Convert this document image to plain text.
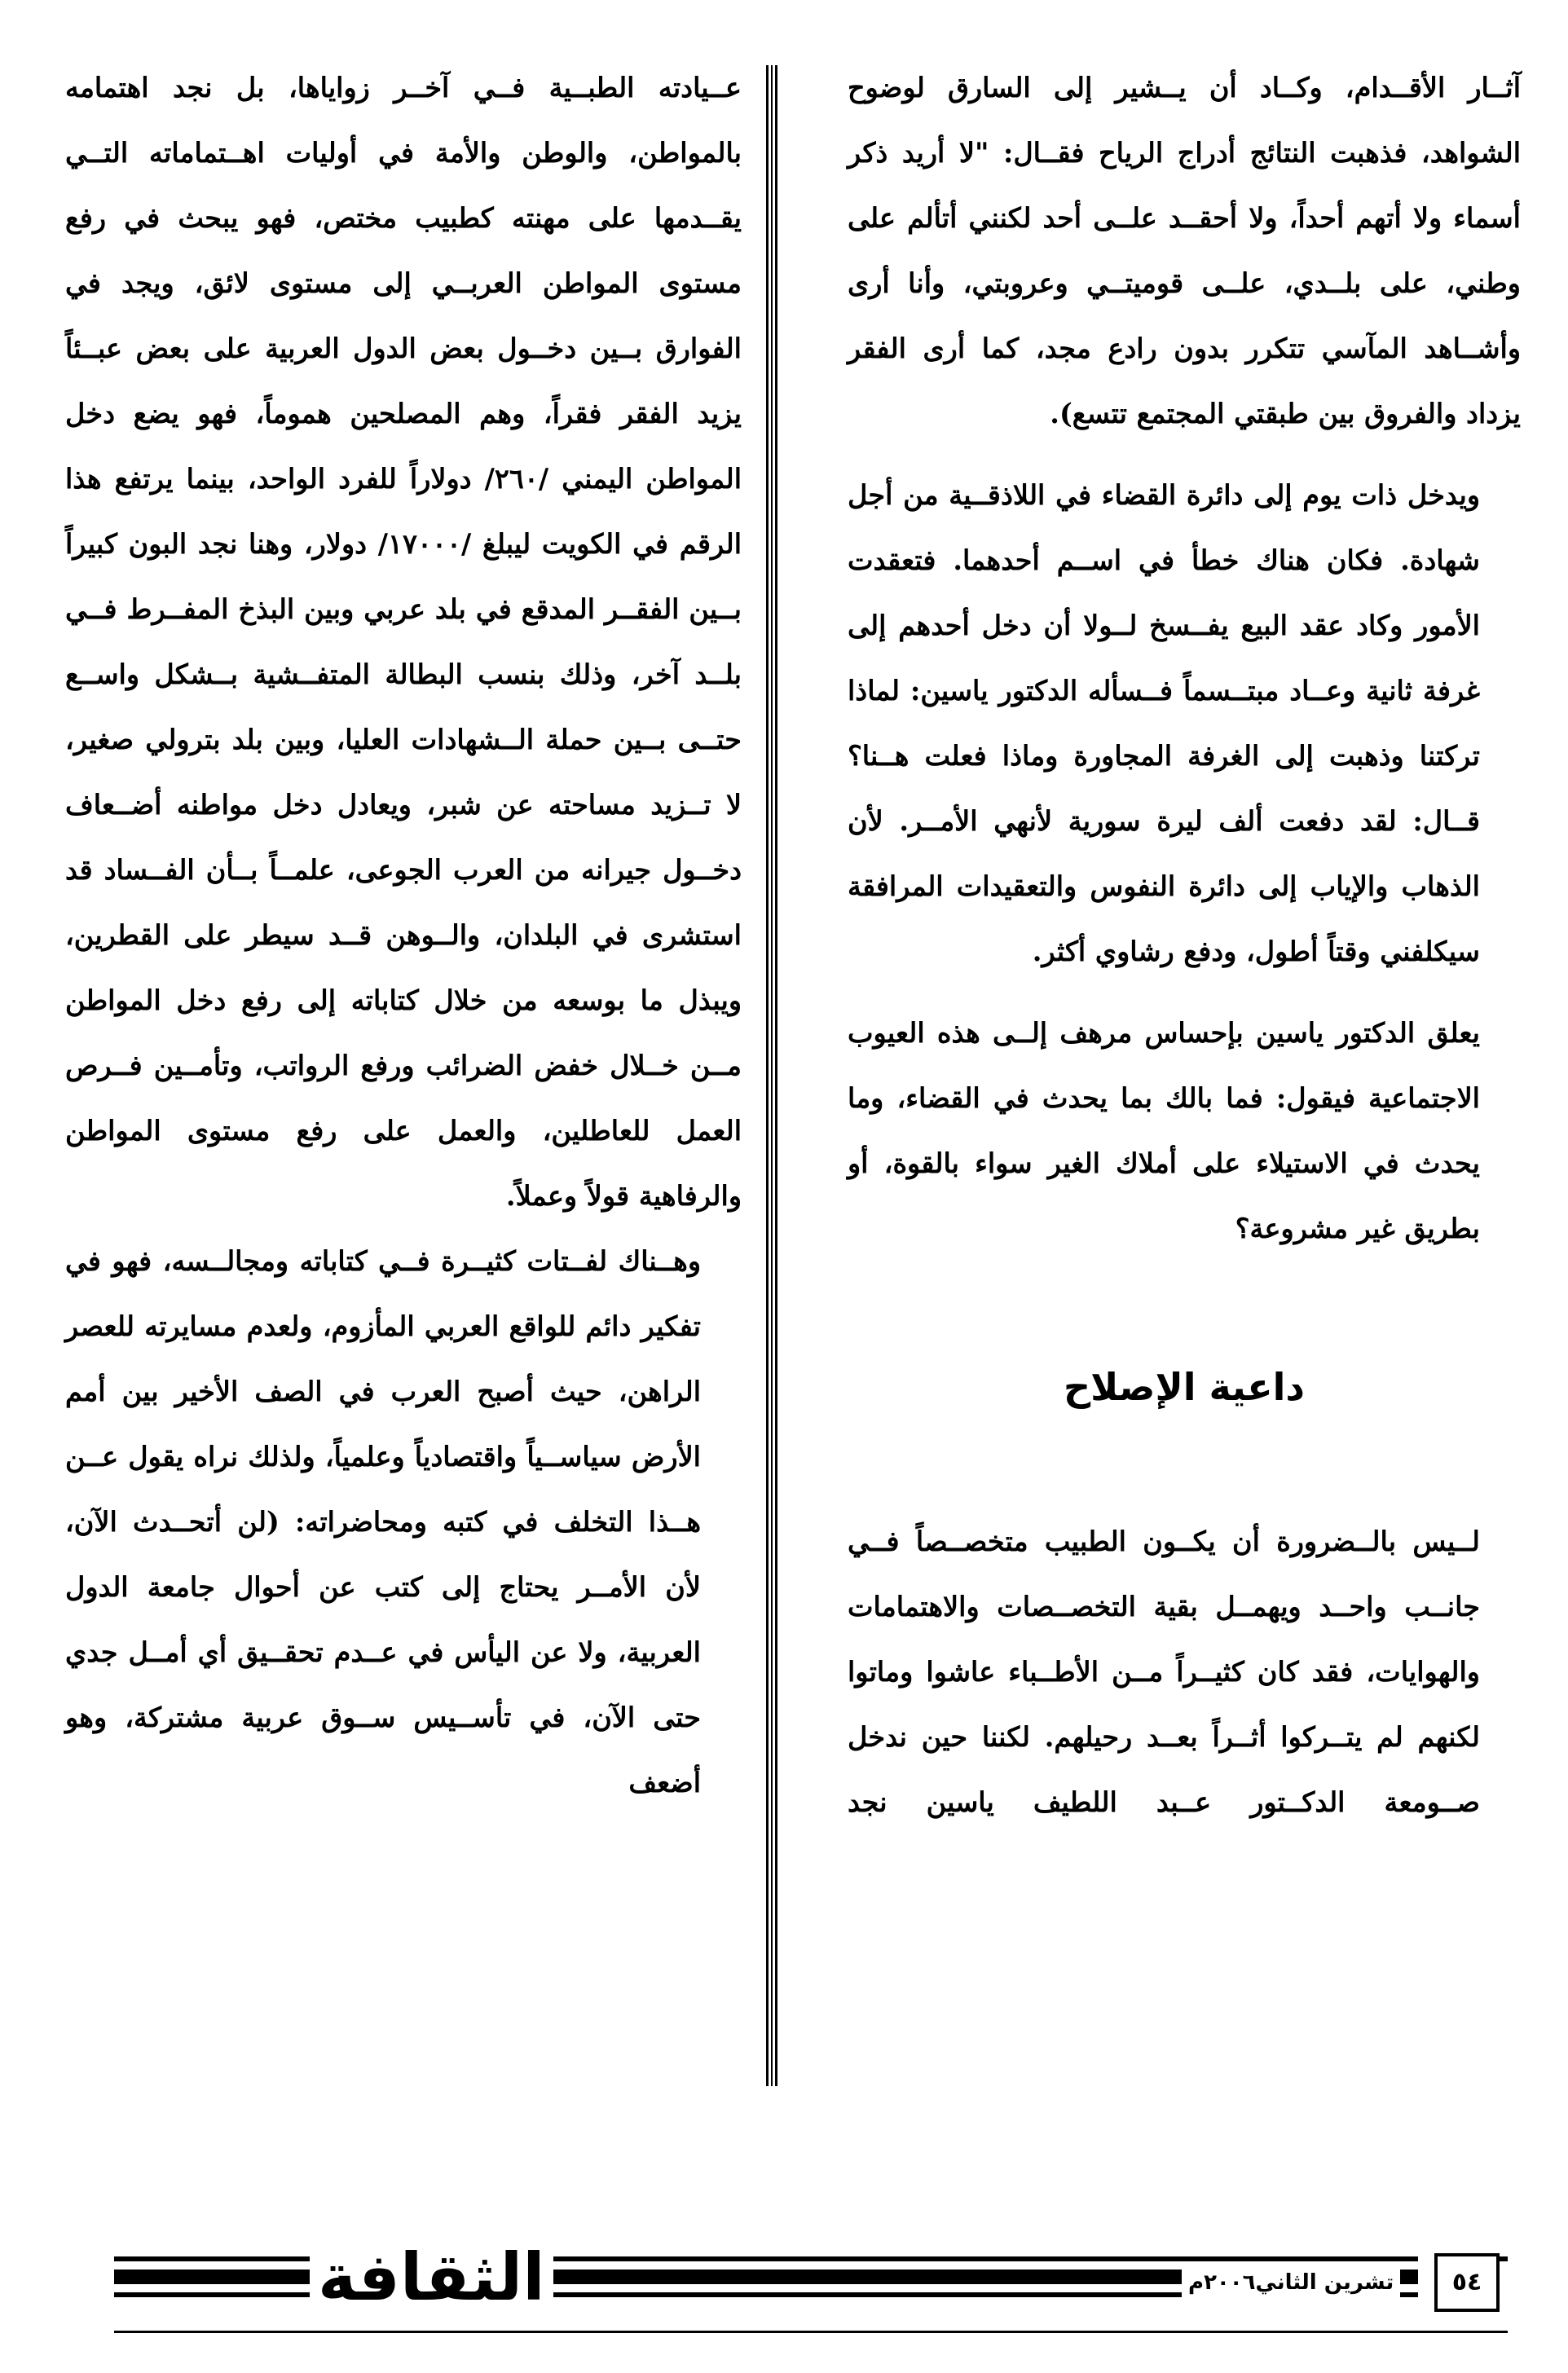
آثــار الأقــدام، وكــاد أن يــشير إلى السارق لوضوح الشواهد، فذهبت النتائج أدراج الرياح فقــال: "لا أريد ذكر أسماء ولا أتهم أحداً، ولا أحقــد علــى أحد لكنني أتألم على وطني، على بلــدي، علــى قوميتــي وعروبتي، وأنا أرى وأشــاهد المآسي تتكرر بدون رادع مجد، كما أرى الفقر يزداد والفروق بين طبقتي المجتمع تتسع).

ويدخل ذات يوم إلى دائرة القضاء في اللاذقــية من أجل شهادة. فكان هناك خطأ في اســم أحدهما. فتعقدت الأمور وكاد عقد البيع يفــسخ لــولا أن دخل أحدهم إلى غرفة ثانية وعــاد مبتــسماً فــسأله الدكتور ياسين: لماذا تركتنا وذهبت إلى الغرفة المجاورة وماذا فعلت هــنا؟ قــال: لقد دفعت ألف ليرة سورية لأنهي الأمــر. لأن الذهاب والإياب إلى دائرة النفوس والتعقيدات المرافقة سيكلفني وقتاً أطول، ودفع رشاوي أكثر.

يعلق الدكتور ياسين بإحساس مرهف إلــى هذه العيوب الاجتماعية فيقول: فما بالك بما يحدث في القضاء، وما يحدث في الاستيلاء على أملاك الغير سواء بالقوة، أو بطريق غير مشروعة؟

داعية الإصلاح

لــيس بالــضرورة أن يكــون الطبيب متخصــصاً فــي جانــب واحــد ويهمــل بقية التخصــصات والاهتمامات والهوايات، فقد كان كثيــراً مــن الأطــباء عاشوا وماتوا لكنهم لم يتــركوا أثــراً بعــد رحيلهم. لكننا حين ندخل صــومعة الدكــتور عــبد اللطيف ياسين نجد

عــيادته الطبــية فــي آخــر زواياها، بل نجد اهتمامه بالمواطن، والوطن والأمة في أوليات اهــتماماته التــي يقــدمها على مهنته كطبيب مختص، فهو يبحث في رفع مستوى المواطن العربــي إلى مستوى لائق، ويجد في الفوارق بــين دخــول بعض الدول العربية على بعض عبــئاً يزيد الفقر فقراً، وهم المصلحين هموماً، فهو يضع دخل المواطن اليمني /٢٦٠/ دولاراً للفرد الواحد، بينما يرتفع هذا الرقم في الكويت ليبلغ /١٧٠٠٠/ دولار، وهنا نجد البون كبيراً بــين الفقــر المدقع في بلد عربي وبين البذخ المفــرط فــي بلــد آخر، وذلك بنسب البطالة المتفــشية بــشكل واســع حتــى بــين حملة الــشهادات العليا، وبين بلد بترولي صغير، لا تــزيد مساحته عن شبر، ويعادل دخل مواطنه أضــعاف دخــول جيرانه من العرب الجوعى، علمــاً بــأن الفــساد قد استشرى في البلدان، والــوهن قــد سيطر على القطرين، ويبذل ما بوسعه من خلال كتاباته إلى رفع دخل المواطن مــن خــلال خفض الضرائب ورفع الرواتب، وتأمــين فــرص العمل للعاطلين، والعمل على رفع مستوى المواطن والرفاهية قولاً وعملاً.

وهــناك لفــتات كثيــرة فــي كتاباته ومجالــسه، فهو في تفكير دائم للواقع العربي المأزوم، ولعدم مسايرته للعصر الراهن، حيث أصبح العرب في الصف الأخير بين أمم الأرض سياســياً واقتصادياً وعلمياً، ولذلك نراه يقول عــن هــذا التخلف في كتبه ومحاضراته: (لن أتحــدث الآن، لأن الأمــر يحتاج إلى كتب عن أحوال جامعة الدول العربية، ولا عن اليأس في عــدم تحقــيق أي أمــل جدي حتى الآن، في تأســيس ســوق عربية مشتركة، وهو أضعف

الثقافة	تشرين الثاني٢٠٠٦م	٥٤
